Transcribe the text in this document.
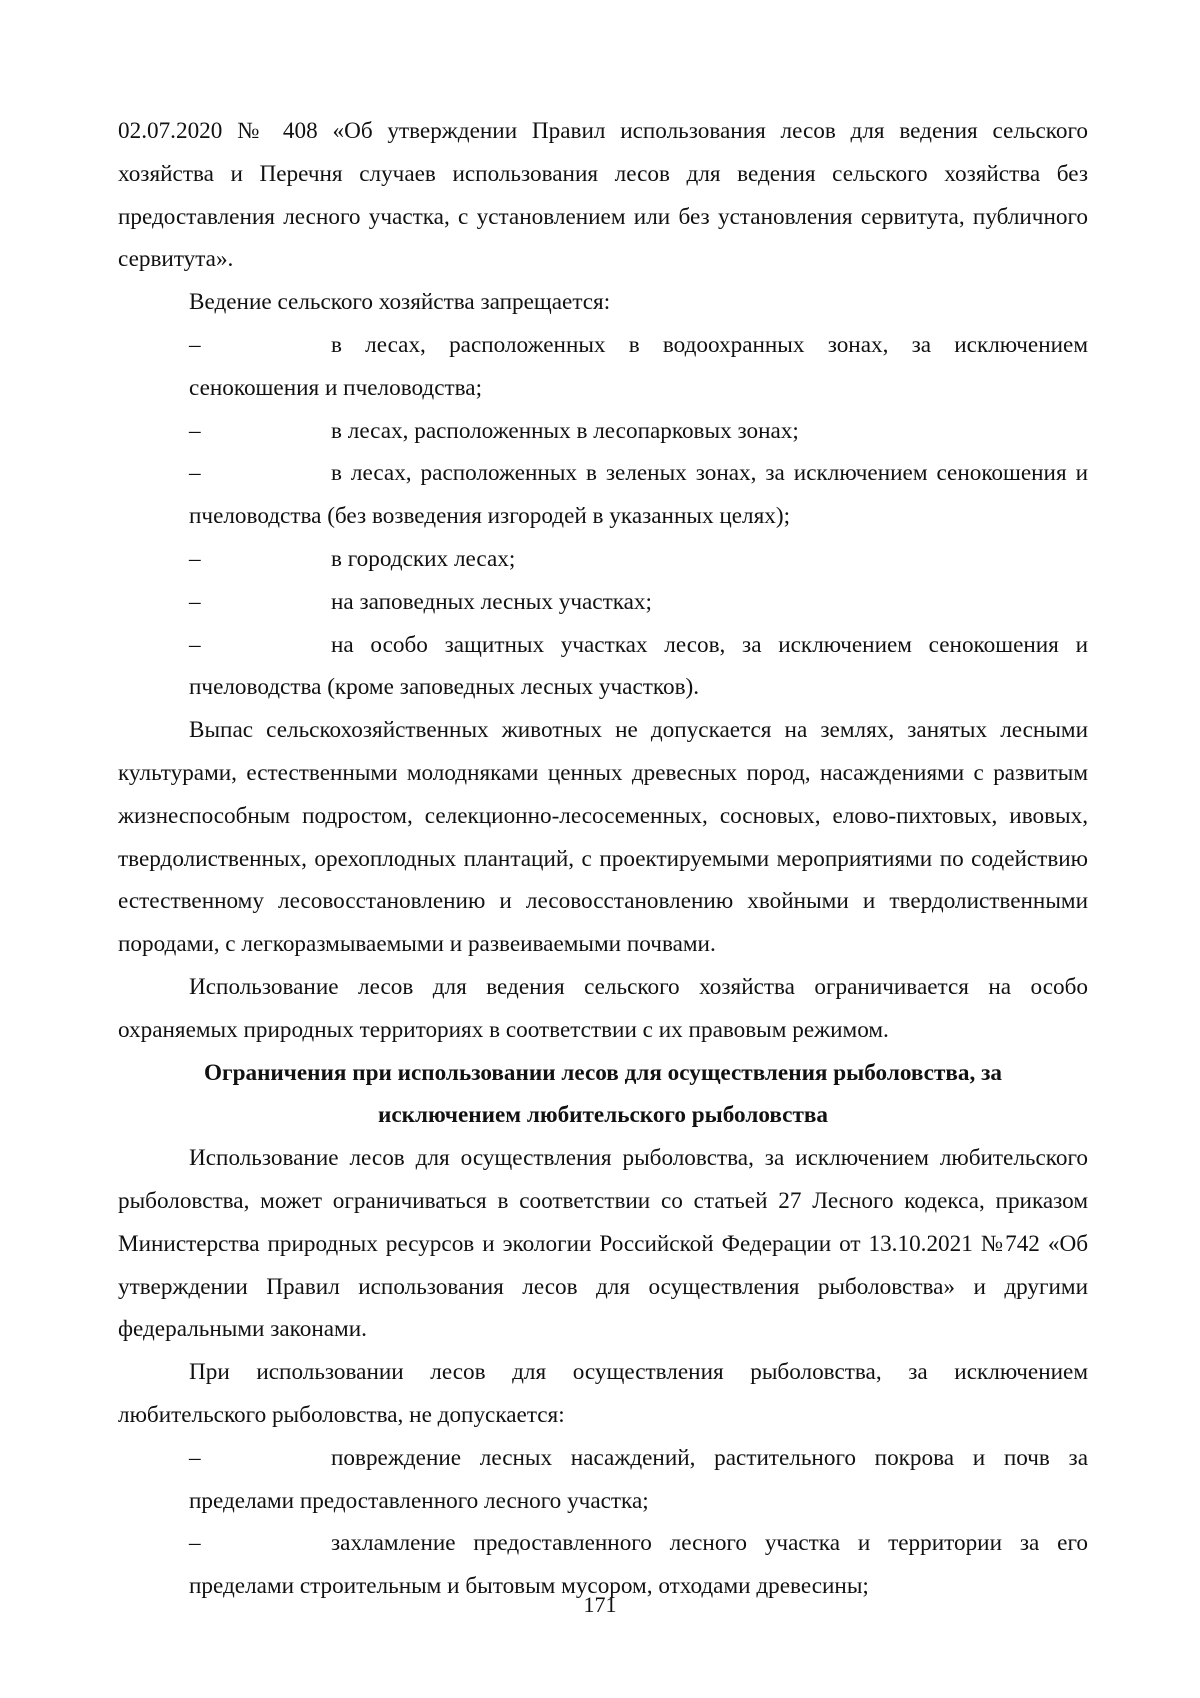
02.07.2020 № 408 «Об утверждении Правил использования лесов для ведения сельского хозяйства и Перечня случаев использования лесов для ведения сельского хозяйства без предоставления лесного участка, с установлением или без установления сервитута, публичного сервитута».

Ведение сельского хозяйства запрещается:

–	в лесах, расположенных в водоохранных зонах, за исключением сенокошения и пчеловодства;

–	в лесах, расположенных в лесопарковых зонах;

–	в лесах, расположенных в зеленых зонах, за исключением сенокошения и пчеловодства (без возведения изгородей в указанных целях);

–	в городских лесах;

–	на заповедных лесных участках;

–	на особо защитных участках лесов, за исключением сенокошения и пчеловодства (кроме заповедных лесных участков).

Выпас сельскохозяйственных животных не допускается на землях, занятых лесными культурами, естественными молодняками ценных древесных пород, насаждениями с развитым жизнеспособным подростом, селекционно-лесосеменных, сосновых, елово-пихтовых, ивовых, твердолиственных, орехоплодных плантаций, с проектируемыми мероприятиями по содействию естественному лесовосстановлению и лесовосстановлению хвойными и твердолиственными породами, с легкоразмываемыми и развеиваемыми почвами.

Использование лесов для ведения сельского хозяйства ограничивается на особо охраняемых природных территориях в соответствии с их правовым режимом.

Ограничения при использовании лесов для осуществления рыболовства, за

исключением любительского рыболовства

Использование лесов для осуществления рыболовства, за исключением любительского рыболовства, может ограничиваться в соответствии со статьей 27 Лесного кодекса, приказом Министерства природных ресурсов и экологии Российской Федерации от 13.10.2021 №742 «Об утверждении Правил использования лесов для осуществления рыболовства» и другими федеральными законами.

При использовании лесов для осуществления рыболовства, за исключением любительского рыболовства, не допускается:

–	повреждение лесных насаждений, растительного покрова и почв за пределами предоставленного лесного участка;

–	захламление предоставленного лесного участка и территории за его пределами строительным и бытовым мусором, отходами древесины;

171
